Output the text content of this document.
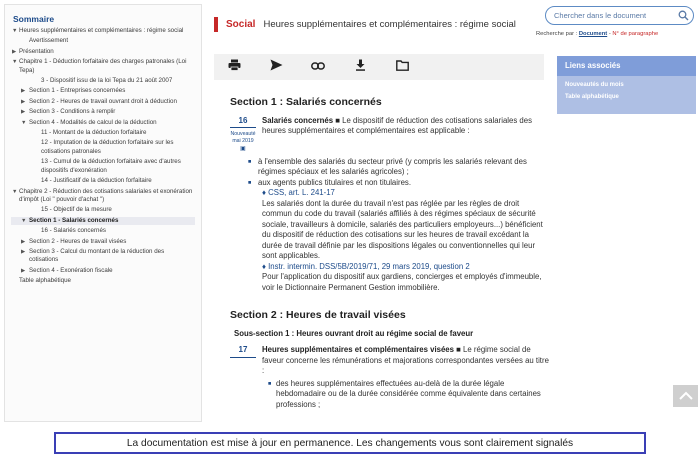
Sommaire
▼ Heures supplémentaires et complémentaires : régime social
Avertissement
▶ Présentation
▼ Chapitre 1 - Déduction forfaitaire des charges patronales (Loi Tepa)
3 - Dispositif issu de la loi Tepa du 21 août 2007
▶ Section 1 - Entreprises concernées
▶ Section 2 - Heures de travail ouvrant droit à déduction
▶ Section 3 - Conditions à remplir
▼ Section 4 - Modalités de calcul de la déduction
11 - Montant de la déduction forfaitaire
12 - Imputation de la déduction forfaitaire sur les cotisations patronales
13 - Cumul de la déduction forfaitaire avec d'autres dispositifs d'exonération
14 - Justificatif de la déduction forfaitaire
▼ Chapitre 2 - Réduction des cotisations salariales et exonération d'impôt (Loi " pouvoir d'achat ")
15 - Objectif de la mesure
▼ Section 1 - Salariés concernés
16 - Salariés concernés
▶ Section 2 - Heures de travail visées
▶ Section 3 - Calcul du montant de la réduction des cotisations
▶ Section 4 - Exonération fiscale
Table alphabétique
Social Heures supplémentaires et complémentaires : régime social
Chercher dans le document
Recherche par : Document - N° de paragraphe
Liens associés
Nouveautés du mois
Table alphabétique
Section 1 : Salariés concernés
16
Nouveauté mai 2019
▣
Salariés concernés ■ Le dispositif de réduction des cotisations salariales des heures supplémentaires et complémentaires est applicable :
■ à l'ensemble des salariés du secteur privé (y compris les salariés relevant des régimes spéciaux et les salariés agricoles) ;
■ aux agents publics titulaires et non titulaires.
♦ CSS, art. L. 241-17
Les salariés dont la durée du travail n'est pas réglée par les règles de droit commun du code du travail (salariés affiliés à des régimes spéciaux de sécurité sociale, travailleurs à domicile, salariés des particuliers employeurs...) bénéficient du dispositif de réduction des cotisations sur les heures de travail excédant la durée de travail définie par les dispositions légales ou conventionnelles qui leur sont applicables.
♦ Instr. intermin. DSS/5B/2019/71, 29 mars 2019, question 2
Pour l'application du dispositif aux gardiens, concierges et employés d'immeuble, voir le Dictionnaire Permanent Gestion immobilière.
Section 2 : Heures de travail visées
Sous-section 1 : Heures ouvrant droit au régime social de faveur
17	Heures supplémentaires et complémentaires visées ■ Le régime social de faveur concerne les rémunérations et majorations correspondantes versées au titre :
■ des heures supplémentaires effectuées au-delà de la durée légale hebdomadaire ou de la durée considérée comme équivalente dans certaines professions ;
La documentation est mise à jour en permanence. Les changements vous sont clairement signalés
